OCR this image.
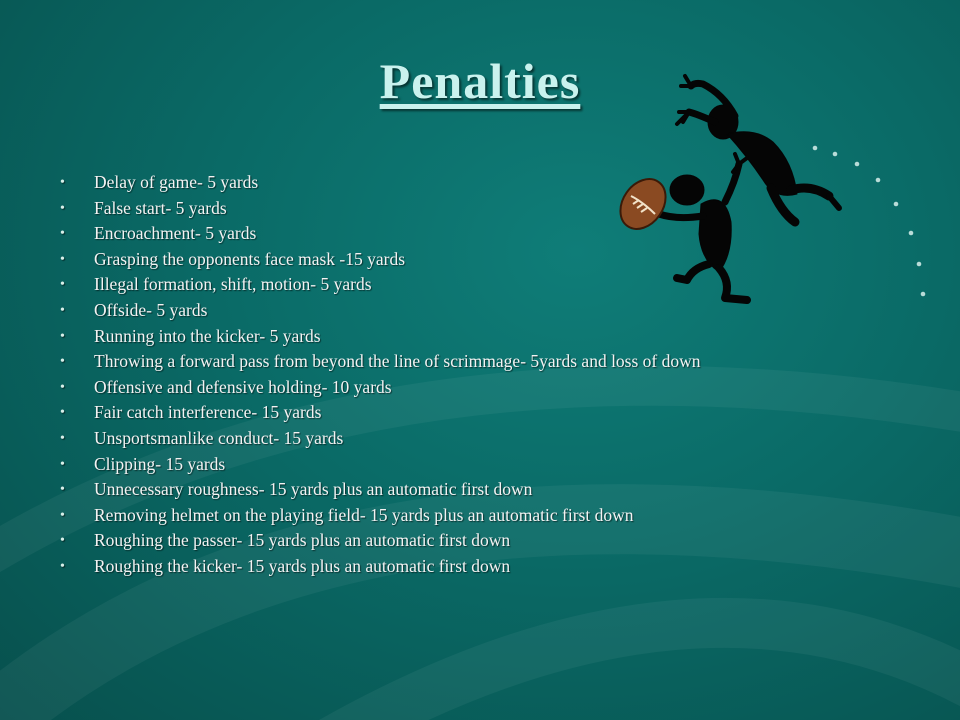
Penalties
• Delay of game- 5 yards
• False start- 5 yards
• Encroachment- 5 yards
• Grasping the opponents face mask -15 yards
• Illegal formation, shift, motion- 5 yards
• Offside- 5 yards
• Running into the kicker- 5 yards
• Throwing a forward pass from beyond the line of scrimmage- 5yards and loss of down
• Offensive and defensive holding- 10 yards
• Fair catch interference- 15 yards
• Unsportsmanlike conduct- 15 yards
• Clipping- 15 yards
• Unnecessary roughness- 15 yards plus an automatic first down
• Removing helmet on the playing field- 15 yards plus an automatic first down
• Roughing the passer- 15 yards plus an automatic first down
• Roughing the kicker- 15 yards plus an automatic first down
